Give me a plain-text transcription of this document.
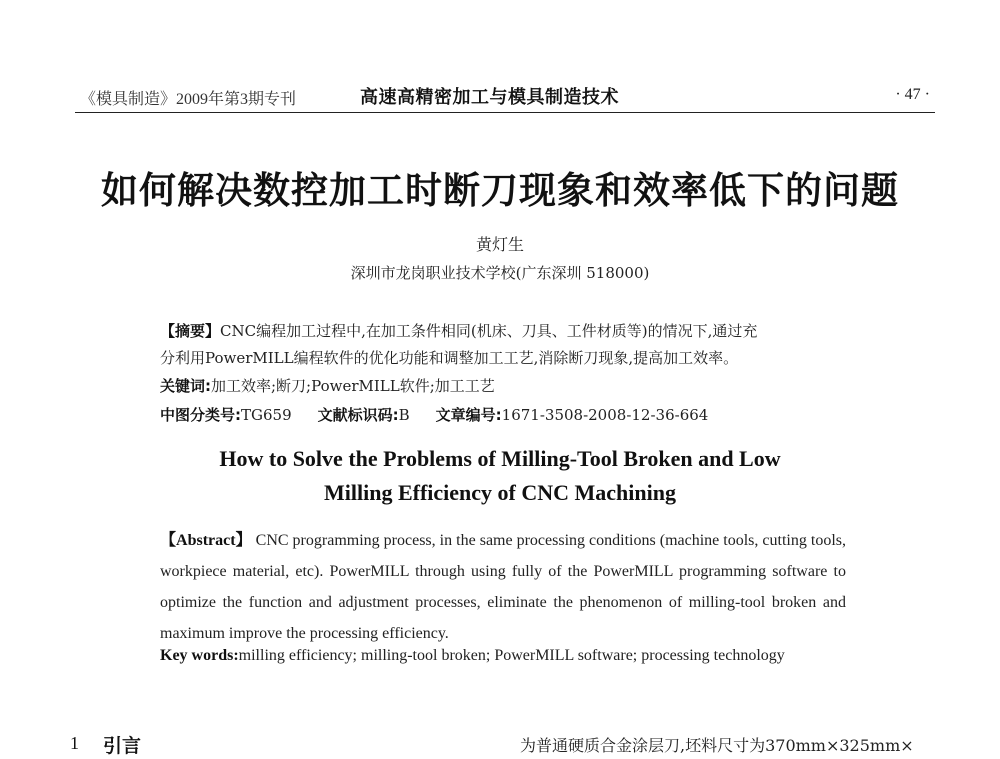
《模具制造》2009年第3期专刊	高速高精密加工与模具制造技术	· 47 ·
如何解决数控加工时断刀现象和效率低下的问题
黄灯生
深圳市龙岗职业技术学校(广东深圳 518000)
【摘要】CNC编程加工过程中,在加工条件相同(机床、刀具、工件材质等)的情况下,通过充
分利用PowerMILL编程软件的优化功能和调整加工工艺,消除断刀现象,提高加工效率。
关键词:加工效率;断刀;PowerMILL软件;加工工艺
中图分类号:TG659 文献标识码:B 文章编号:1671-3508-2008-12-36-664
How to Solve the Problems of Milling-Tool Broken and Low
Milling Efficiency of CNC Machining
【Abstract】 CNC programming process, in the same processing conditions (machine tools, cutting tools, workpiece material, etc). PowerMILL through using fully of the PowerMILL programming software to optimize the function and adjustment processes, eliminate the phenomenon of milling-tool broken and maximum improve the processing efficiency.
Key words:milling efficiency; milling-tool broken; PowerMILL software; processing technology
1 引言	为普通硬质合金涂层刀,坯料尺寸为370mm×325mm×
